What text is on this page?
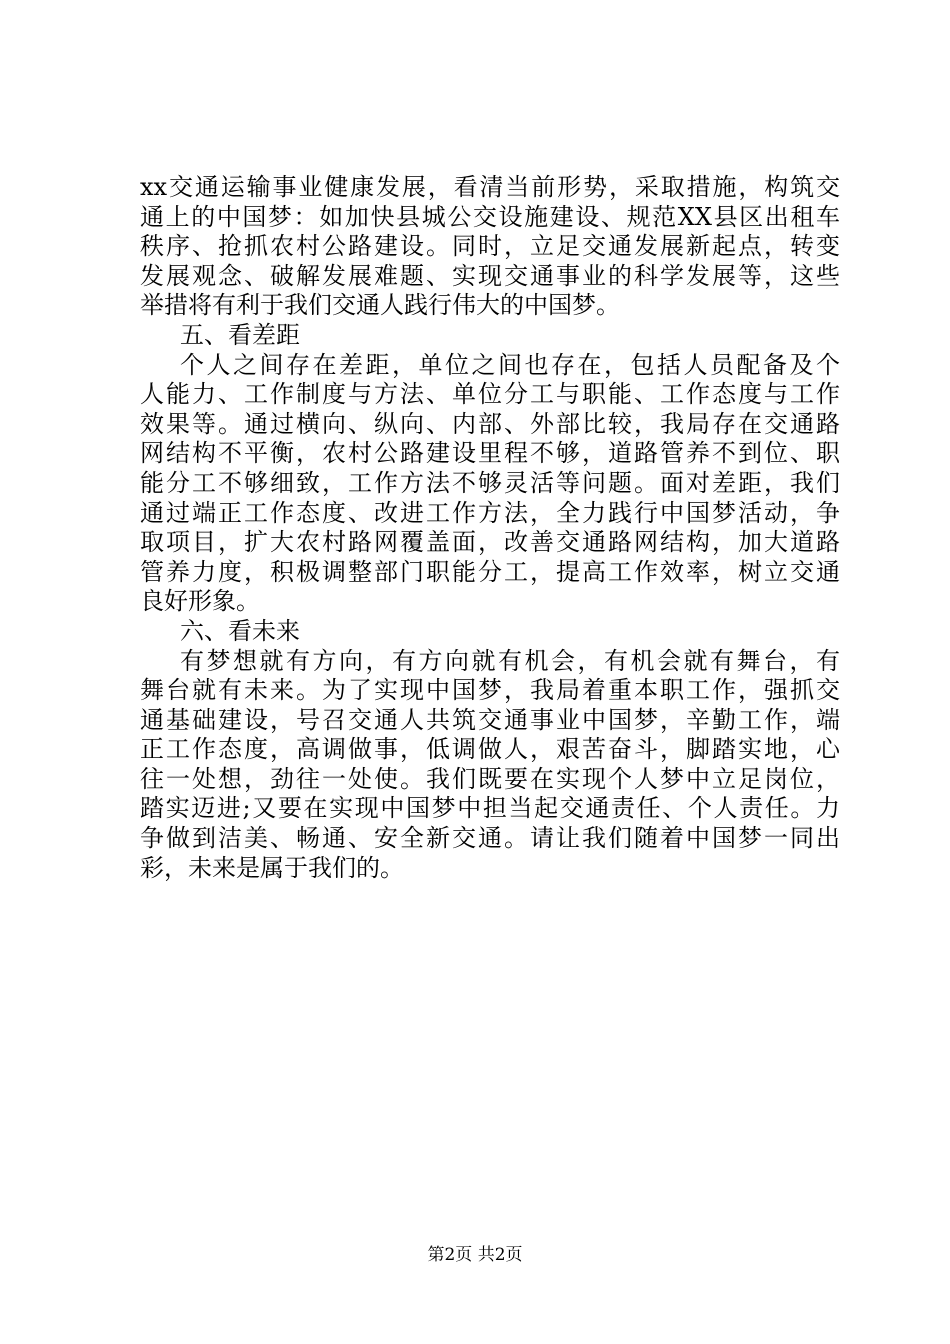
xx交通运输事业健康发展，看清当前形势，采取措施，构筑交
通上的中国梦：如加快县城公交设施建设、规范XX县区出租车
秩序、抢抓农村公路建设。同时，立足交通发展新起点，转变
发展观念、破解发展难题、实现交通事业的科学发展等，这些
举措将有利于我们交通人践行伟大的中国梦。
五、看差距
个人之间存在差距，单位之间也存在，包括人员配备及个
人能力、工作制度与方法、单位分工与职能、工作态度与工作
效果等。通过横向、纵向、内部、外部比较，我局存在交通路
网结构不平衡，农村公路建设里程不够，道路管养不到位、职
能分工不够细致，工作方法不够灵活等问题。面对差距，我们
通过端正工作态度、改进工作方法，全力践行中国梦活动，争
取项目，扩大农村路网覆盖面，改善交通路网结构，加大道路
管养力度，积极调整部门职能分工，提高工作效率，树立交通
良好形象。
六、看未来
有梦想就有方向，有方向就有机会，有机会就有舞台，有
舞台就有未来。为了实现中国梦，我局着重本职工作，强抓交
通基础建设，号召交通人共筑交通事业中国梦，辛勤工作，端
正工作态度，高调做事，低调做人，艰苦奋斗，脚踏实地，心
往一处想，劲往一处使。我们既要在实现个人梦中立足岗位，
踏实迈进;又要在实现中国梦中担当起交通责任、个人责任。力
争做到洁美、畅通、安全新交通。请让我们随着中国梦一同出
彩，未来是属于我们的。
第2页 共2页
